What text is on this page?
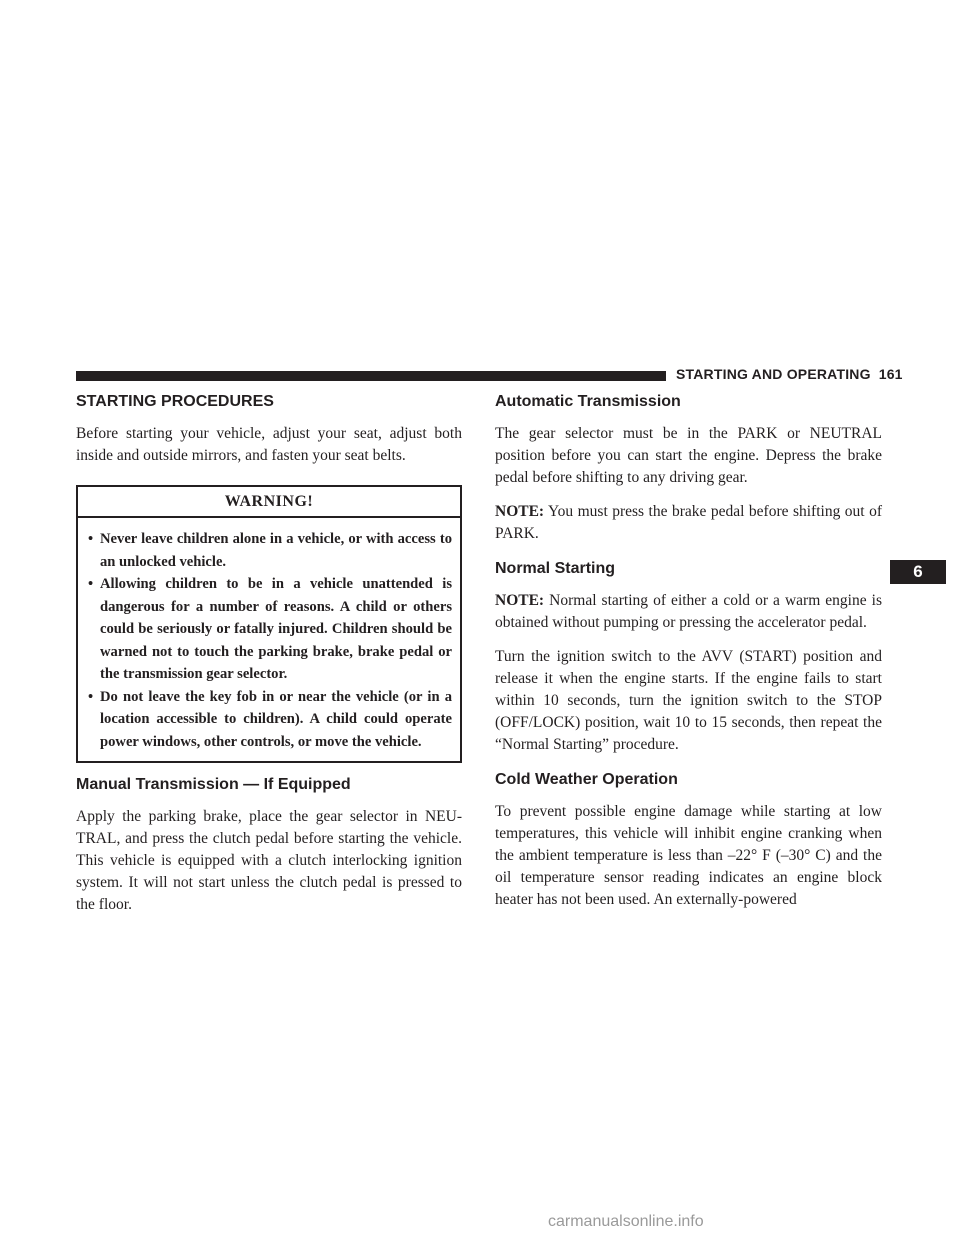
STARTING AND OPERATING 161
STARTING PROCEDURES

Before starting your vehicle, adjust your seat, adjust both inside and outside mirrors, and fasten your seat belts.

WARNING!
• Never leave children alone in a vehicle, or with access to an unlocked vehicle.
• Allowing children to be in a vehicle unattended is dangerous for a number of reasons. A child or others could be seriously or fatally injured. Children should be warned not to touch the parking brake, brake pedal or the transmission gear selector.
• Do not leave the key fob in or near the vehicle (or in a location accessible to children). A child could operate power windows, other controls, or move the vehicle.
Manual Transmission — If Equipped

Apply the parking brake, place the gear selector in NEU-TRAL, and press the clutch pedal before starting the vehicle. This vehicle is equipped with a clutch interlocking ignition system. It will not start unless the clutch pedal is pressed to the floor.

Automatic Transmission

The gear selector must be in the PARK or NEUTRAL position before you can start the engine. Depress the brake pedal before shifting to any driving gear.

NOTE: You must press the brake pedal before shifting out of PARK.

Normal Starting

NOTE: Normal starting of either a cold or a warm engine is obtained without pumping or pressing the accelerator pedal.

Turn the ignition switch to the AVV (START) position and release it when the engine starts. If the engine fails to start within 10 seconds, turn the ignition switch to the STOP (OFF/LOCK) position, wait 10 to 15 seconds, then repeat the “Normal Starting” procedure.

Cold Weather Operation

To prevent possible engine damage while starting at low temperatures, this vehicle will inhibit engine cranking when the ambient temperature is less than –22° F (–30° C) and the oil temperature sensor reading indicates an engine block heater has not been used. An externally-powered

6
carmanualsonline.info
